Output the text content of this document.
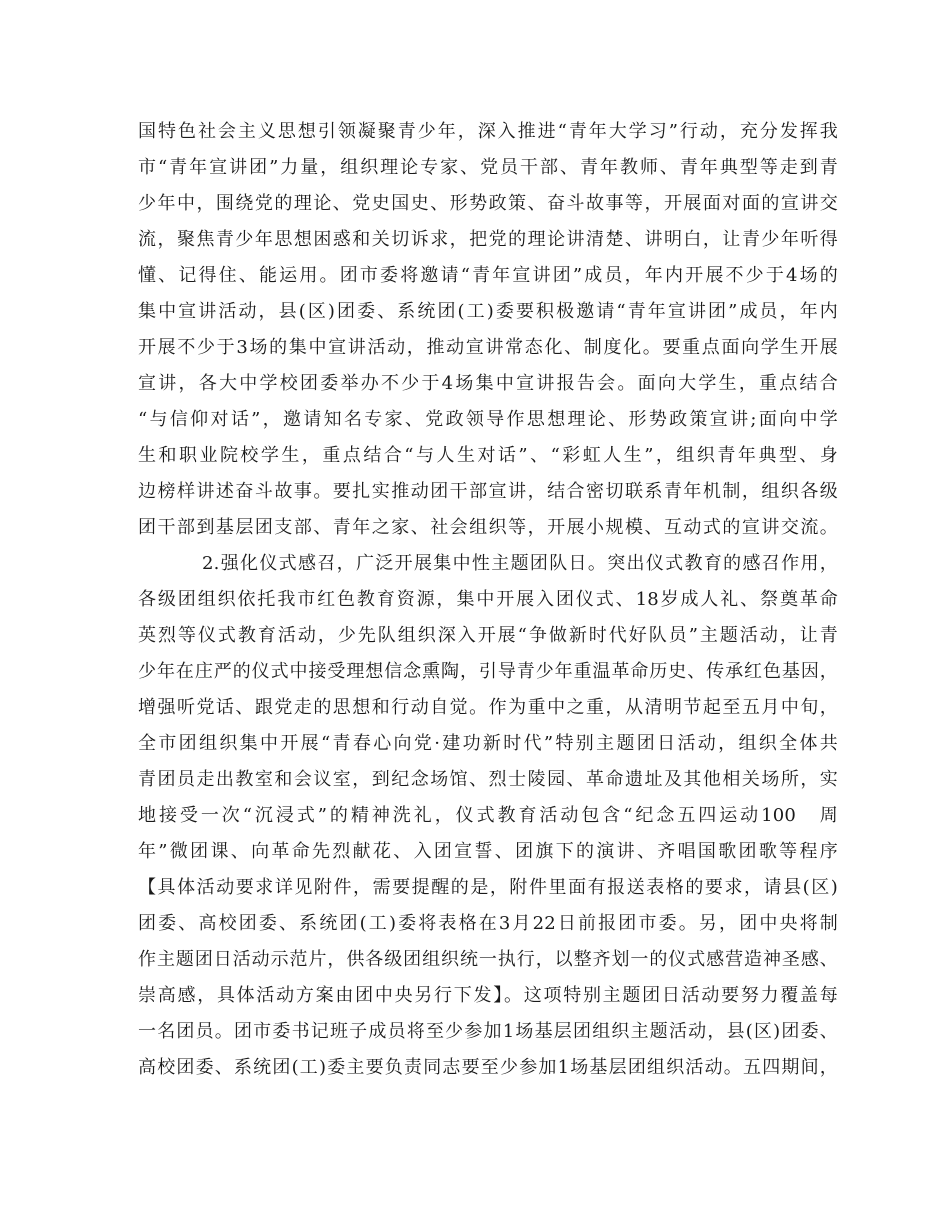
国特色社会主义思想引领凝聚青少年，深入推进“青年大学习”行动，充分发挥我
市“青年宣讲团”力量，组织理论专家、党员干部、青年教师、青年典型等走到青
少年中，围绕党的理论、党史国史、形势政策、奋斗故事等，开展面对面的宣讲交
流，聚焦青少年思想困惑和关切诉求，把党的理论讲清楚、讲明白，让青少年听得
懂、记得住、能运用。团市委将邀请“青年宣讲团”成员，年内开展不少于4场的
集中宣讲活动，县(区)团委、系统团(工)委要积极邀请“青年宣讲团”成员，年内
开展不少于3场的集中宣讲活动，推动宣讲常态化、制度化。要重点面向学生开展
宣讲，各大中学校团委举办不少于4场集中宣讲报告会。面向大学生，重点结合
“与信仰对话”，邀请知名专家、党政领导作思想理论、形势政策宣讲;面向中学
生和职业院校学生，重点结合“与人生对话”、“彩虹人生”，组织青年典型、身
边榜样讲述奋斗故事。要扎实推动团干部宣讲，结合密切联系青年机制，组织各级
团干部到基层团支部、青年之家、社会组织等，开展小规模、互动式的宣讲交流。
2.强化仪式感召，广泛开展集中性主题团队日。突出仪式教育的感召作用，
各级团组织依托我市红色教育资源，集中开展入团仪式、18岁成人礼、祭奠革命
英烈等仪式教育活动，少先队组织深入开展“争做新时代好队员”主题活动，让青
少年在庄严的仪式中接受理想信念熏陶，引导青少年重温革命历史、传承红色基因，
增强听党话、跟党走的思想和行动自觉。作为重中之重，从清明节起至五月中旬，
全市团组织集中开展“青春心向党·建功新时代”特别主题团日活动，组织全体共
青团员走出教室和会议室，到纪念场馆、烈士陵园、革命遗址及其他相关场所，实
地接受一次“沉浸式”的精神洗礼，仪式教育活动包含“纪念五四运动100　周
年”微团课、向革命先烈献花、入团宣誓、团旗下的演讲、齐唱国歌团歌等程序
【具体活动要求详见附件，需要提醒的是，附件里面有报送表格的要求，请县(区)
团委、高校团委、系统团(工)委将表格在3月22日前报团市委。另，团中央将制
作主题团日活动示范片，供各级团组织统一执行，以整齐划一的仪式感营造神圣感、
崇高感，具体活动方案由团中央另行下发】。这项特别主题团日活动要努力覆盖每
一名团员。团市委书记班子成员将至少参加1场基层团组织主题活动，县(区)团委、
高校团委、系统团(工)委主要负责同志要至少参加1场基层团组织活动。五四期间，
